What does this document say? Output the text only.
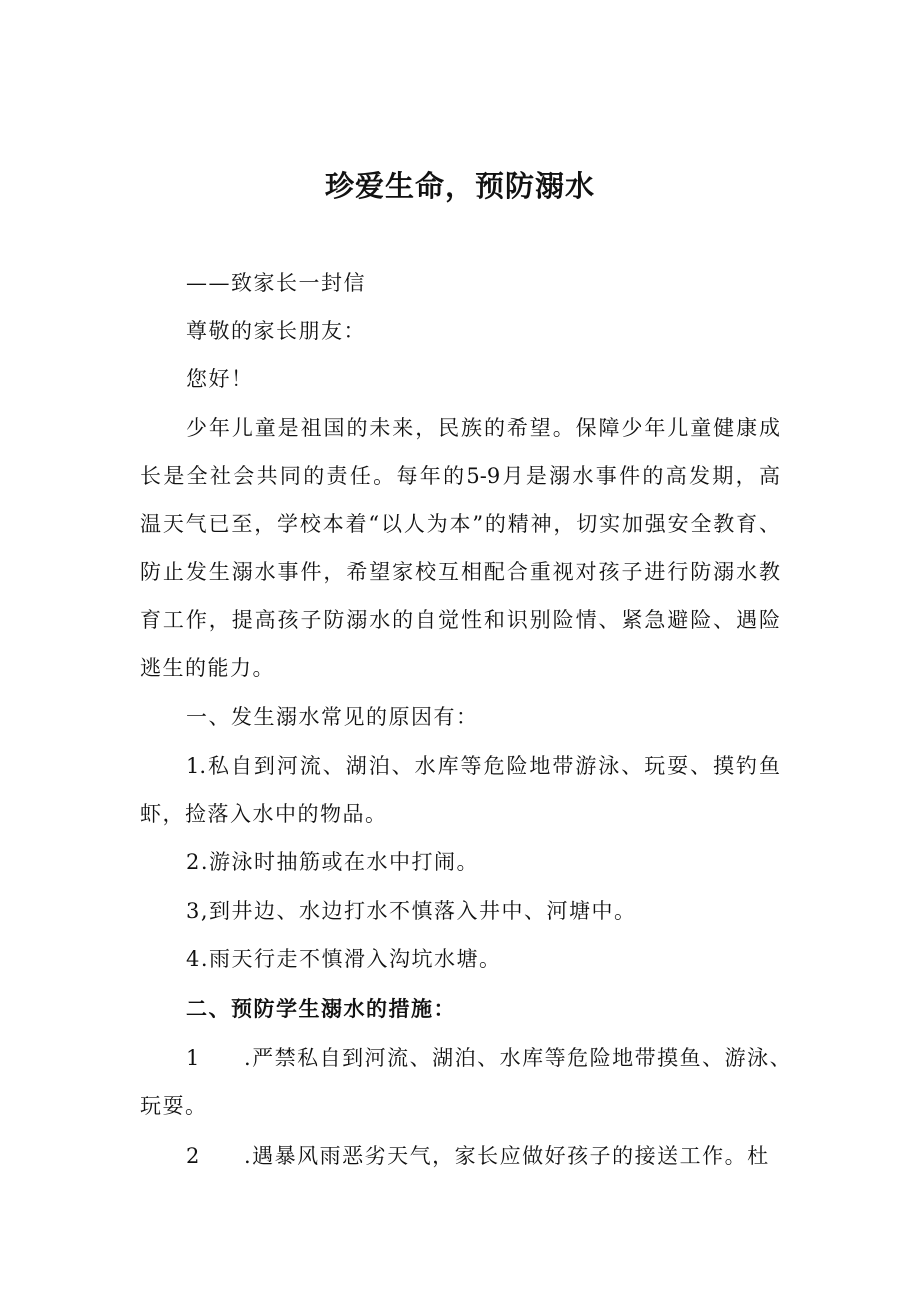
珍爱生命，预防溺水
——致家长一封信
尊敬的家长朋友：
您好！
少年儿童是祖国的未来，民族的希望。保障少年儿童健康成
长是全社会共同的责任。每年的5-9月是溺水事件的高发期，高
温天气已至，学校本着“以人为本”的精神，切实加强安全教育、
防止发生溺水事件，希望家校互相配合重视对孩子进行防溺水教
育工作，提高孩子防溺水的自觉性和识别险情、紧急避险、遇险
逃生的能力。
一、发生溺水常见的原因有：
1.私自到河流、湖泊、水库等危险地带游泳、玩耍、摸钓鱼
虾，捡落入水中的物品。
2.游泳时抽筋或在水中打闹。
3,到井边、水边打水不慎落入井中、河塘中。
4.雨天行走不慎滑入沟坑水塘。
二、预防学生溺水的措施：
1 .严禁私自到河流、湖泊、水库等危险地带摸鱼、游泳、
玩耍。
2 .遇暴风雨恶劣天气，家长应做好孩子的接送工作。杜
